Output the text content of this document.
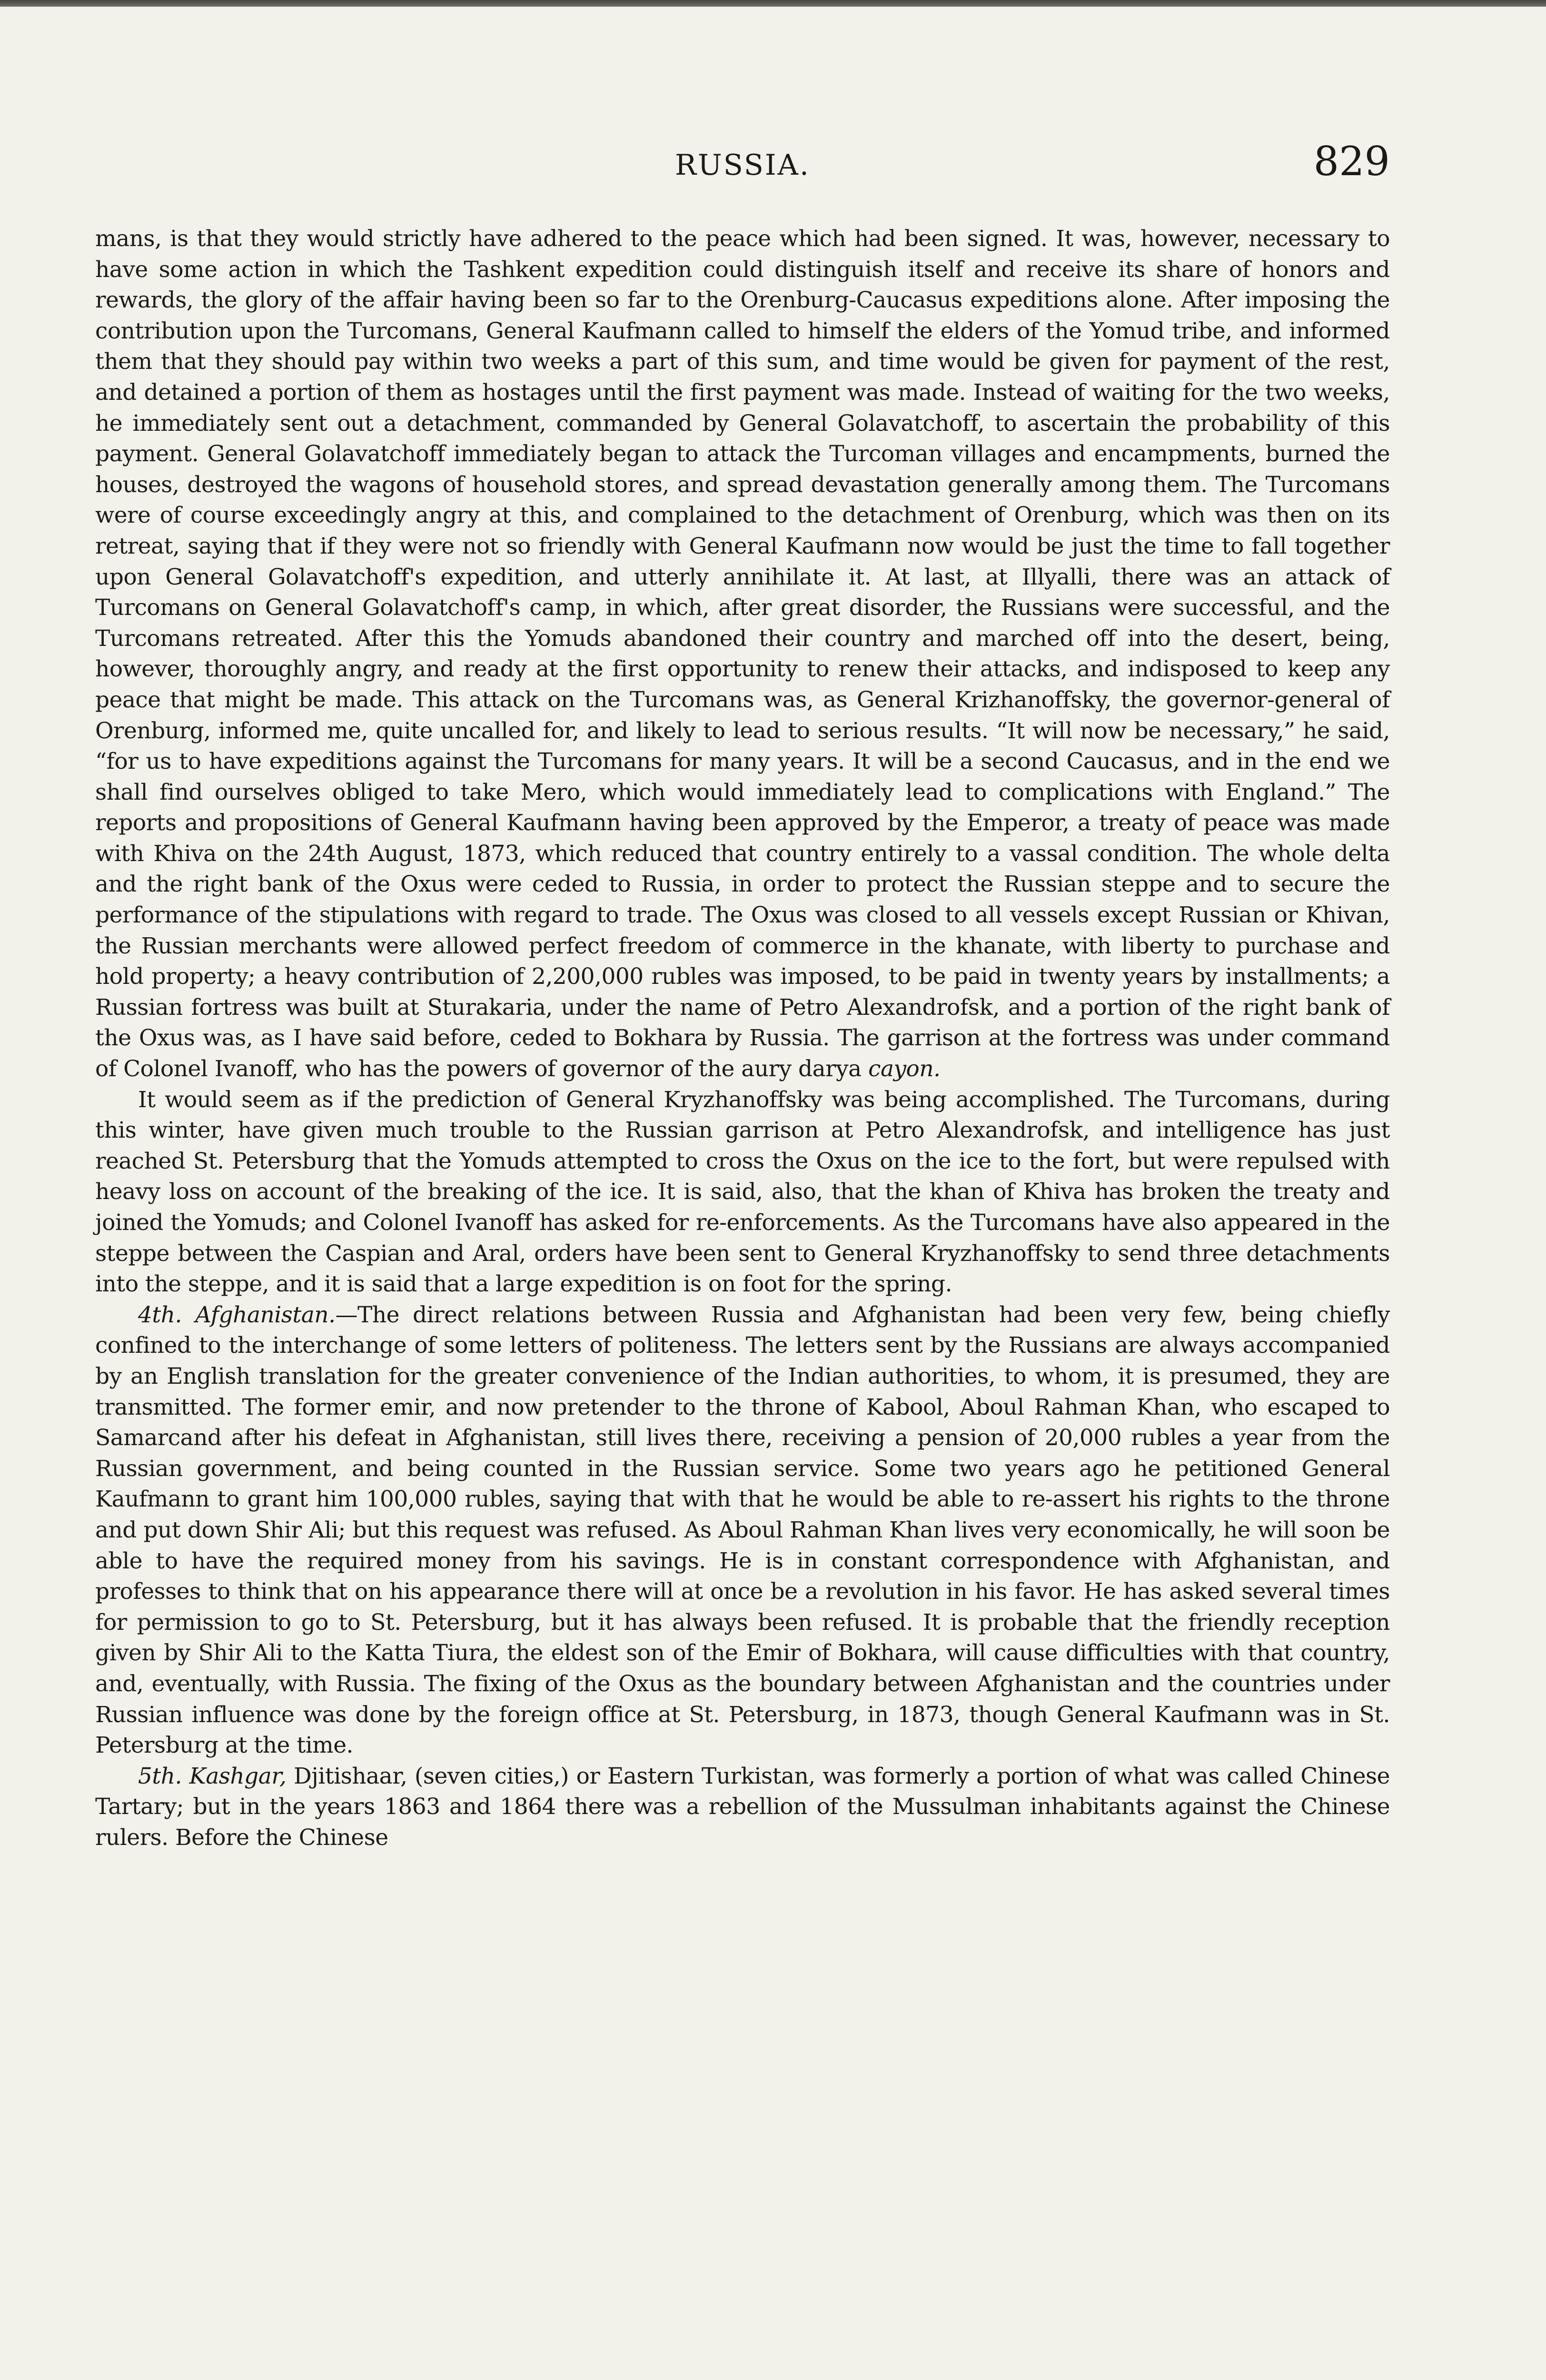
RUSSIA.	829

mans, is that they would strictly have adhered to the peace which had been signed. It was, however, necessary to have some action in which the Tashkent expedition could distinguish itself and receive its share of honors and rewards, the glory of the affair having been so far to the Orenburg-Caucasus expeditions alone. After imposing the contribution upon the Turcomans, General Kaufmann called to himself the elders of the Yomud tribe, and informed them that they should pay within two weeks a part of this sum, and time would be given for payment of the rest, and detained a portion of them as hostages until the first payment was made. Instead of waiting for the two weeks, he immediately sent out a detachment, commanded by General Golavatchoff, to ascertain the probability of this payment. General Golavatchoff immediately began to attack the Turcoman villages and encampments, burned the houses, destroyed the wagons of household stores, and spread devastation generally among them. The Turcomans were of course exceedingly angry at this, and complained to the detachment of Orenburg, which was then on its retreat, saying that if they were not so friendly with General Kaufmann now would be just the time to fall together upon General Golavatchoff's expedition, and utterly annihilate it. At last, at Illyalli, there was an attack of Turcomans on General Golavatchoff's camp, in which, after great disorder, the Russians were successful, and the Turcomans retreated. After this the Yomuds abandoned their country and marched off into the desert, being, however, thoroughly angry, and ready at the first opportunity to renew their attacks, and indisposed to keep any peace that might be made. This attack on the Turcomans was, as General Krizhanoffsky, the governor-general of Orenburg, informed me, quite uncalled for, and likely to lead to serious results. “It will now be necessary,” he said, “for us to have expeditions against the Turcomans for many years. It will be a second Caucasus, and in the end we shall find ourselves obliged to take Mero, which would immediately lead to complications with England.” The reports and propositions of General Kaufmann having been approved by the Emperor, a treaty of peace was made with Khiva on the 24th August, 1873, which reduced that country entirely to a vassal condition. The whole delta and the right bank of the Oxus were ceded to Russia, in order to protect the Russian steppe and to secure the performance of the stipulations with regard to trade. The Oxus was closed to all vessels except Russian or Khivan, the Russian merchants were allowed perfect freedom of commerce in the khanate, with liberty to purchase and hold property; a heavy contribution of 2,200,000 rubles was imposed, to be paid in twenty years by installments; a Russian fortress was built at Sturakaria, under the name of Petro Alexandrofsk, and a portion of the right bank of the Oxus was, as I have said before, ceded to Bokhara by Russia. The garrison at the fortress was under command of Colonel Ivanoff, who has the powers of governor of the aury darya cayon.

It would seem as if the prediction of General Kryzhanoffsky was being accomplished. The Turcomans, during this winter, have given much trouble to the Russian garrison at Petro Alexandrofsk, and intelligence has just reached St. Petersburg that the Yomuds attempted to cross the Oxus on the ice to the fort, but were repulsed with heavy loss on account of the breaking of the ice. It is said, also, that the khan of Khiva has broken the treaty and joined the Yomuds; and Colonel Ivanoff has asked for re-enforcements. As the Turcomans have also appeared in the steppe between the Caspian and Aral, orders have been sent to General Kryzhanoffsky to send three detachments into the steppe, and it is said that a large expedition is on foot for the spring.

4th. Afghanistan.—The direct relations between Russia and Afghanistan had been very few, being chiefly confined to the interchange of some letters of politeness. The letters sent by the Russians are always accompanied by an English translation for the greater convenience of the Indian authorities, to whom, it is presumed, they are transmitted. The former emir, and now pretender to the throne of Kabool, Aboul Rahman Khan, who escaped to Samarcand after his defeat in Afghanistan, still lives there, receiving a pension of 20,000 rubles a year from the Russian government, and being counted in the Russian service. Some two years ago he petitioned General Kaufmann to grant him 100,000 rubles, saying that with that he would be able to re-assert his rights to the throne and put down Shir Ali; but this request was refused. As Aboul Rahman Khan lives very economically, he will soon be able to have the required money from his savings. He is in constant correspondence with Afghanistan, and professes to think that on his appearance there will at once be a revolution in his favor. He has asked several times for permission to go to St. Petersburg, but it has always been refused. It is probable that the friendly reception given by Shir Ali to the Katta Tiura, the eldest son of the Emir of Bokhara, will cause difficulties with that country, and, eventually, with Russia. The fixing of the Oxus as the boundary between Afghanistan and the countries under Russian influence was done by the foreign office at St. Petersburg, in 1873, though General Kaufmann was in St. Petersburg at the time.

5th. Kashgar, Djitishaar, (seven cities,) or Eastern Turkistan, was formerly a portion of what was called Chinese Tartary; but in the years 1863 and 1864 there was a rebellion of the Mussulman inhabitants against the Chinese rulers. Before the Chinese
